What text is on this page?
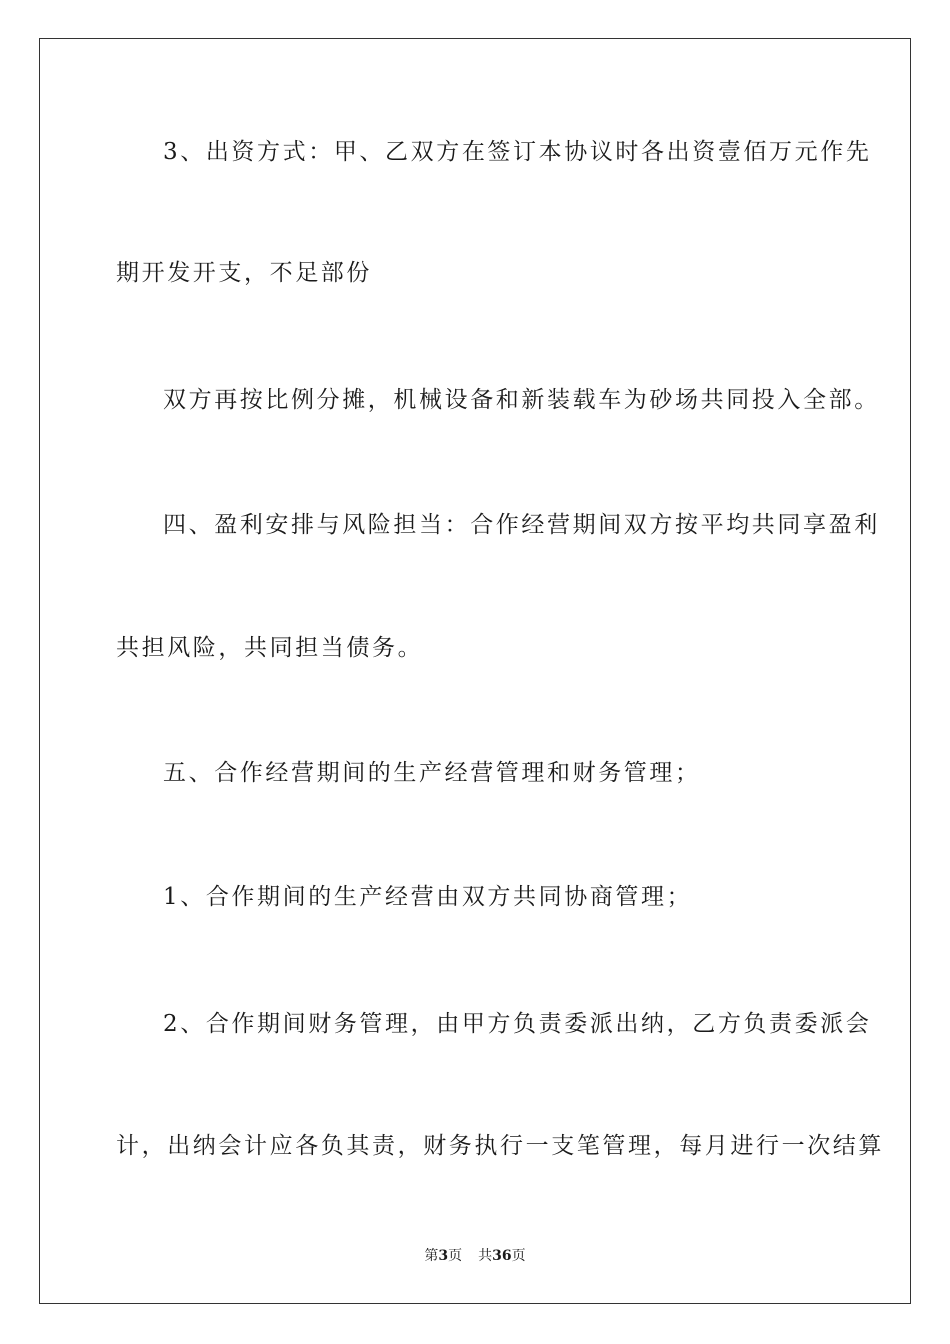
3、出资方式：甲、乙双方在签订本协议时各出资壹佰万元作先
期开发开支，不足部份
双方再按比例分摊，机械设备和新装载车为砂场共同投入全部。
四、盈利安排与风险担当：合作经营期间双方按平均共同享盈利
共担风险，共同担当债务。
五、合作经营期间的生产经营管理和财务管理；
1、合作期间的生产经营由双方共同协商管理；
2、合作期间财务管理，由甲方负责委派出纳，乙方负责委派会
计，出纳会计应各负其责，财务执行一支笔管理，每月进行一次结算
第3页 共36页
